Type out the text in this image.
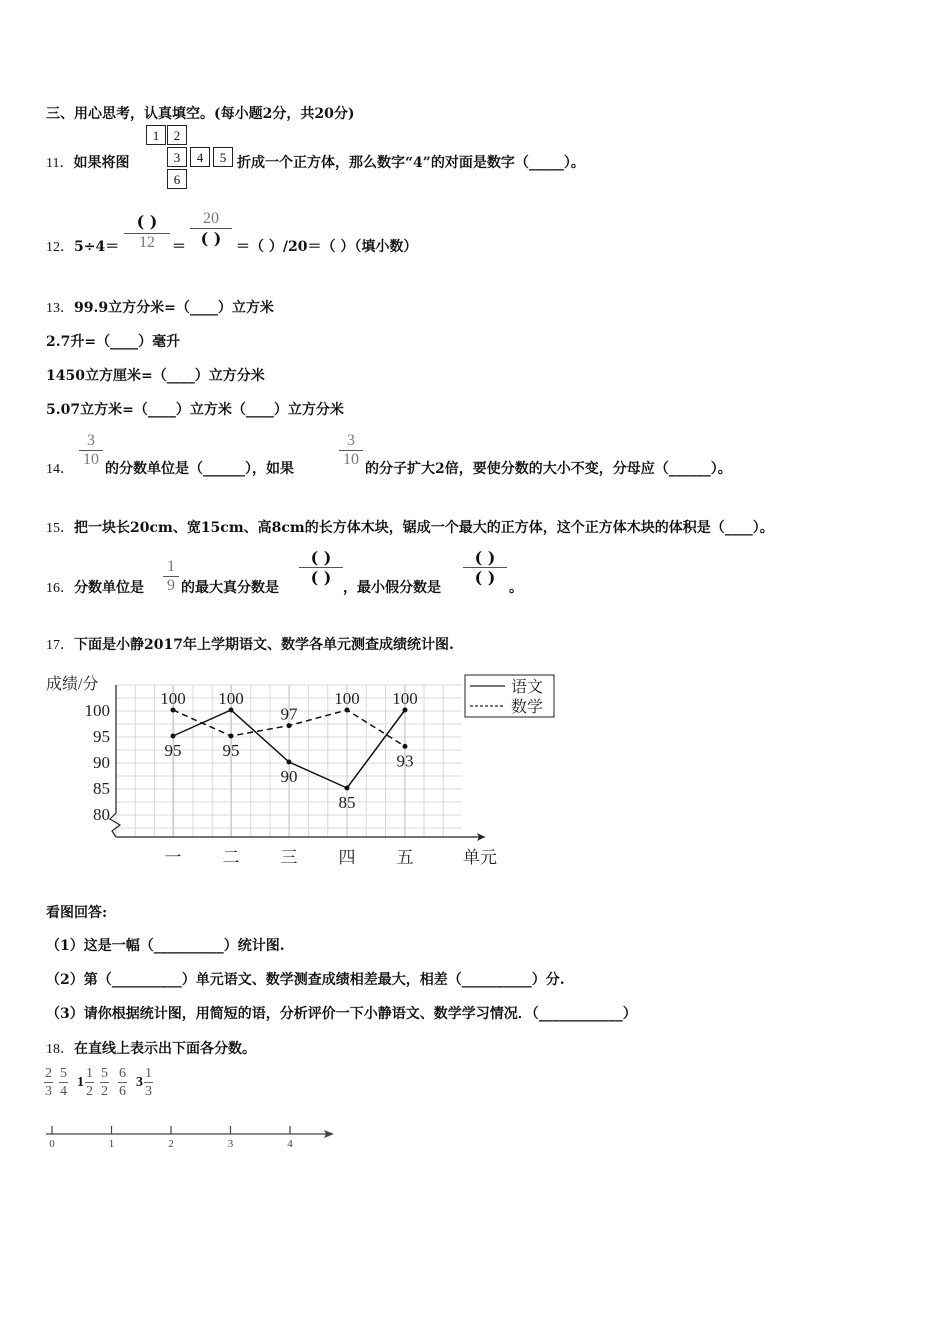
三、用心思考，认真填空。(每小题2分，共20分)
11．如果将图
1	2
3	4	5
6
折成一个正方体，那么数字“4”的对面是数字（_____）。
12．5÷4＝
( )
12	＝
20
( )	＝（ ）/20＝（ ）（填小数）
13．99.9立方分米=（____）立方米
2.7升=（____）毫升
1450立方厘米=（____）立方分米
5.07立方米=（____）立方米（____）立方分米
14．
$\frac{3}{10}$ 的分数单位是（______），如果	$\frac{3}{10}$ 的分子扩大2倍，要使分数的大小不变，分母应（______）。
15．把一块长20cm、宽15cm、高8cm的长方体木块，锯成一个最大的正方体，这个正方体木块的体积是（____）。
16．分数单位是 $\frac{1}{9}$ 的最大真分数是
( )
( )
，最小假分数是
( )
( )
。
17．下面是小静2017年上学期语文、数学各单元测查成绩统计图.
成绩/分
80
85
90
95
100
一 二 三 四 五	单元
95
100 100
95
90
97
85
100 100
93
语文
数学
看图回答:
（1）这是一幅（__________）统计图.
（2）第（__________）单元语文、数学测查成绩相差最大，相差（__________）分.
（3）请你根据统计图，用简短的语，分析评价一下小静语文、数学学习情况．（____________）
18．在直线上表示出下面各分数。
$\frac{2}{3} \frac{5}{4} 1 \frac{1}{2} \frac{5}{2} \frac{6}{6} 3 \frac{1}{3}$
0	1	2	3	4
